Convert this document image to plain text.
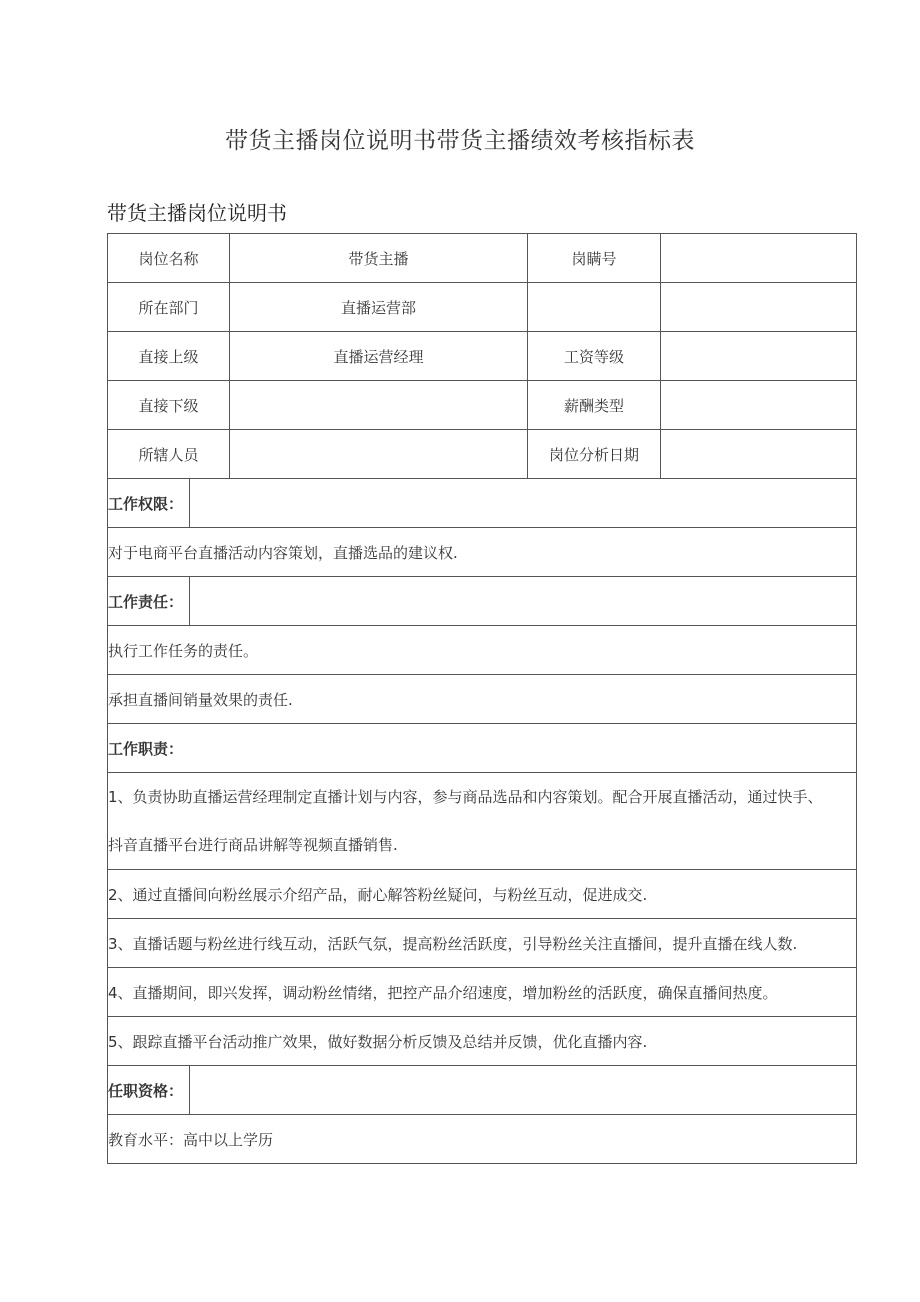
带货主播岗位说明书带货主播绩效考核指标表
带货主播岗位说明书
岗位名称		带货主播	岗瞒号	
所在部门		直播运营部		
直接上级		直播运营经理	工资等级	
直接下级			薪酬类型	
所辖人员			岗位分析日期	
工作权限：				
对于电商平台直播活动内容策划，直播选品的建议权.				
工作责任：				
执行工作任务的责任。				
承担直播间销量效果的责任.				
工作职责：				

1、负责协助直播运营经理制定直播计划与内容，参与商品选品和内容策划。配合开展直播活动，通过快手、
抖音直播平台进行商品讲解等视频直播销售.				

2、通过直播间向粉丝展示介绍产品，耐心解答粉丝疑问，与粉丝互动，促进成交.				
3、直播话题与粉丝进行线互动，活跃气氛，提高粉丝活跃度，引导粉丝关注直播间，提升直播在线人数.				
4、直播期间，即兴发挥，调动粉丝情绪，把控产品介绍速度，增加粉丝的活跃度，确保直播间热度。				
5、跟踪直播平台活动推广效果，做好数据分析反馈及总结并反馈，优化直播内容.				
任职资格：				
教育水平：高中以上学历				
